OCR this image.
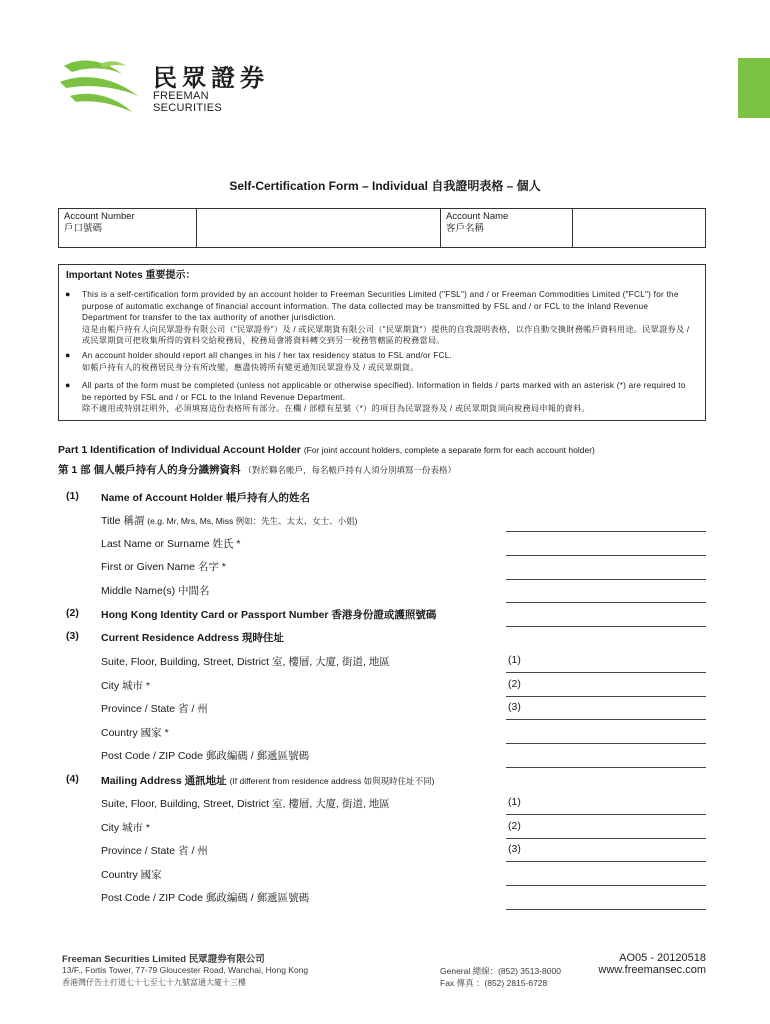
民眾證券
FREEMAN SECURITIES
Self-Certification Form – Individual 自我證明表格 – 個人
Account Number
戶口號碼
Account Name
客戶名稱
Important Notes 重要提示：
● This is a self-certification form provided by an account holder to Freeman Securities Limited ("FSL") and / or Freeman Commodities Limited ("FCL") for the purpose of automatic exchange of financial account information. The data collected may be transmitted by FSL and / or FCL to the Inland Revenue Department for transfer to the tax authority of another jurisdiction.
這是由帳戶持有人向民眾證券有限公司（"民眾證券"）及 / 或民眾期貨有限公司（"民眾期貨"）提供的自我證明表格，以作自動交換財務帳戶資料用途。民眾證券及 / 或民眾期貨可把收集所得的資料交給稅務局，稅務局會將資料轉交到另一稅務管轄區的稅務當局。
● An account holder should report all changes in his / her tax residency status to FSL and/or FCL.
如帳戶持有人的稅務居民身分有所改變，應盡快將所有變更通知民眾證券及 / 或民眾期貨。
● All parts of the form must be completed (unless not applicable or otherwise specified). Information in fields / parts marked with an asterisk (*) are required to be reported by FSL and / or FCL to the Inland Revenue Department.
除不適用或特別註明外，必須填寫這份表格所有部分。在欄 / 部標有星號（*）的項目為民眾證券及 / 或民眾期貨須向稅務局申報的資料。
Part 1 Identification of Individual Account Holder (For joint account holders, complete a separate form for each account holder)
第 1 部 個人帳戶持有人的身分識辨資料 （對於聯名帳戶，每名帳戶持有人須分別填寫一份表格）
(1) Name of Account Holder 帳戶持有人的姓名
Title 稱謂 (e.g. Mr, Mrs, Ms, Miss 例如：先生、太太、女士、小姐)
Last Name or Surname 姓氏 *
First or Given Name 名字 *
Middle Name(s) 中間名
(2) Hong Kong Identity Card or Passport Number 香港身份證或護照號碼
(3) Current Residence Address 現時住址
Suite, Floor, Building, Street, District 室, 樓層, 大廈, 街道, 地區	(1)
City 城市 *	(2)
Province / State 省 / 州	(3)
Country 國家 *
Post Code / ZIP Code 郵政編碼 / 郵遞區號碼
(4) Mailing Address 通訊地址 (If different from residence address 如與現時住址不同)
Suite, Floor, Building, Street, District 室, 樓層, 大廈, 街道, 地區	(1)
City 城市 *	(2)
Province / State 省 / 州	(3)
Country 國家
Post Code / ZIP Code 郵政編碼 / 郵遞區號碼
Freeman Securities Limited 民眾證券有限公司
13/F., Fortis Tower, 77-79 Gloucester Road, Wanchai, Hong Kong
香港灣仔告士打道七十七至七十九號富通大廈十三樓
General 總線：(852) 3513-8000
Fax 傳真 ：(852) 2815-6728
AO05 - 20120518
www.freemansec.com
